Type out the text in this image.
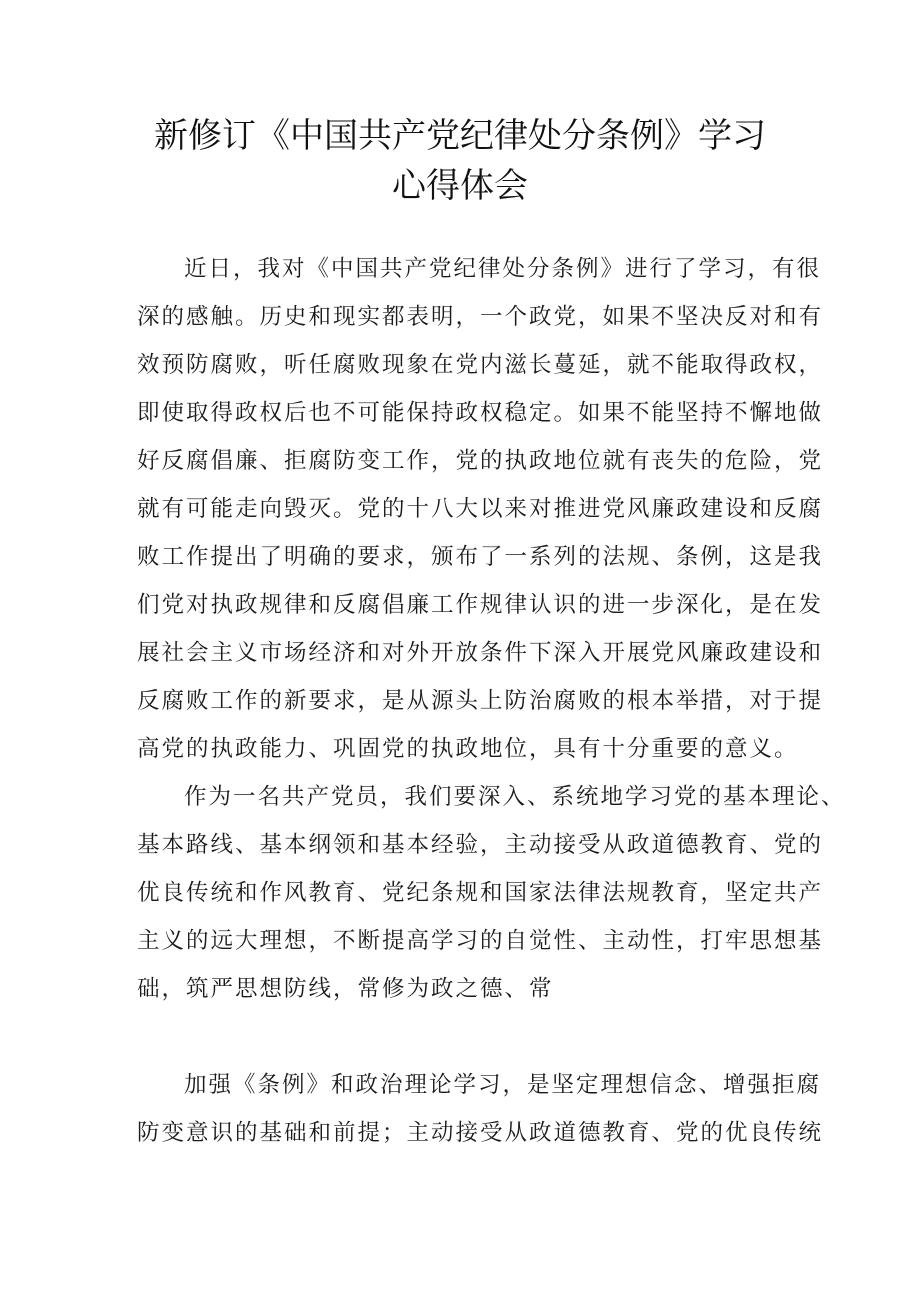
新修订《中国共产党纪律处分条例》学习
心得体会
近日，我对《中国共产党纪律处分条例》进行了学习，有很
深的感触。历史和现实都表明，一个政党，如果不坚决反对和有
效预防腐败，听任腐败现象在党内滋长蔓延，就不能取得政权，
即使取得政权后也不可能保持政权稳定。如果不能坚持不懈地做
好反腐倡廉、拒腐防变工作，党的执政地位就有丧失的危险，党
就有可能走向毁灭。党的十八大以来对推进党风廉政建设和反腐
败工作提出了明确的要求，颁布了一系列的法规、条例，这是我
们党对执政规律和反腐倡廉工作规律认识的进一步深化，是在发
展社会主义市场经济和对外开放条件下深入开展党风廉政建设和
反腐败工作的新要求，是从源头上防治腐败的根本举措，对于提
高党的执政能力、巩固党的执政地位，具有十分重要的意义。
作为一名共产党员，我们要深入、系统地学习党的基本理论、
基本路线、基本纲领和基本经验，主动接受从政道德教育、党的
优良传统和作风教育、党纪条规和国家法律法规教育，坚定共产
主义的远大理想，不断提高学习的自觉性、主动性，打牢思想基
础，筑严思想防线，常修为政之德、常
加强《条例》和政治理论学习，是坚定理想信念、增强拒腐
防变意识的基础和前提；主动接受从政道德教育、党的优良传统
